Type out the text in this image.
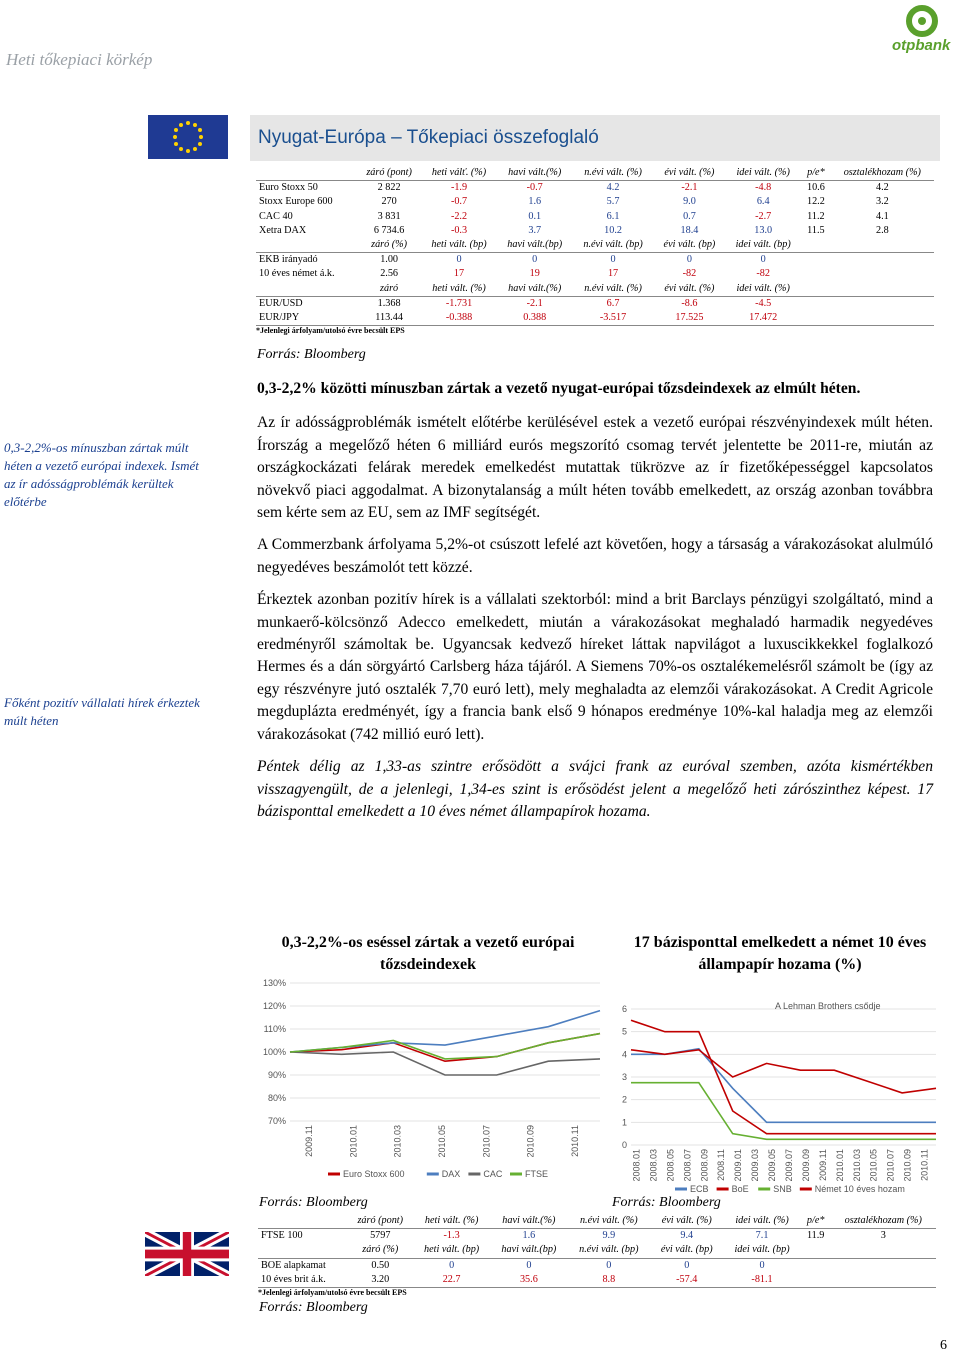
Heti tőkepiaci körkép
otpbank
Nyugat-Európa – Tőkepiaci összefoglaló
	záró (pont)	heti válť. (%)	havi vált.(%)	n.évi vált. (%)	évi vált. (%)	idei vált. (%)	p/e*	osztalékhozam (%)
Euro Stoxx 50	2 822	-1.9	-0.7	4.2	-2.1	-4.8	10.6	4.2
Stoxx Europe 600	270	-0.7	1.6	5.7	9.0	6.4	12.2	3.2
CAC 40	3 831	-2.2	0.1	6.1	0.7	-2.7	11.2	4.1
Xetra DAX	6 734.6	-0.3	3.7	10.2	18.4	13.0	11.5	2.8
	záró (%)	heti vált. (bp)	havi vált.(bp)	n.évi vált. (bp)	évi vált. (bp)	idei vált. (bp)		
EKB irányadó	1.00	0	0	0	0	0		
10 éves német á.k.	2.56	17	19	17	-82	-82		
	záró	heti vált. (%)	havi vált.(%)	n.évi vált. (%)	évi vált. (%)	idei vált. (%)		
EUR/USD	1.368	-1.731	-2.1	6.7	-8.6	-4.5		
EUR/JPY	113.44	-0.388	0.388	-3.517	17.525	17.472		
*Jelenlegi árfolyam/utolsó évre becsült EPS
Forrás: Bloomberg
0,3-2,2%-os mínuszban zártak múlt héten a vezető európai indexek. Ismét az ír adósságproblémák kerültek előtérbe
Főként pozitív vállalati hírek érkeztek múlt héten

0,3-2,2% közötti mínuszban zártak a vezető nyugat-európai tőzsdeindexek az elmúlt héten.

Az ír adósságproblémák ismételt előtérbe kerülésével estek a vezető európai részvényindexek múlt héten. Írország a megelőző héten 6 milliárd eurós megszorító csomag tervét jelentette be 2011-re, miután az országkockázati felárak meredek emelkedést mutattak tükrözve az ír fizetőképességgel kapcsolatos növekvő piaci aggodalmat. A bizonytalanság a múlt héten tovább emelkedett, az ország azonban továbbra sem kérte sem az EU, sem az IMF segítségét.

A Commerzbank árfolyama 5,2%-ot csúszott lefelé azt követően, hogy a társaság a várakozásokat alulmúló negyedéves beszámolót tett közzé.

Érkeztek azonban pozitív hírek is a vállalati szektorból: mind a brit Barclays pénzügyi szolgáltató, mind a munkaerő-kölcsönző Adecco emelkedett, miután a várakozásokat meghaladó harmadik negyedéves eredményről számoltak be. Ugyancsak kedvező híreket láttak napvilágot a luxuscikkekkel foglalkozó Hermes és a dán sörgyártó Carlsberg háza tájáról. A Siemens 70%-os osztalékemelésről számolt be (így az egy részvényre jutó osztalék 7,70 euró lett), mely meghaladta az elemzői várakozásokat. A Credit Agricole megduplázta eredményét, így a francia bank első 9 hónapos eredménye 10%-kal haladja meg az elemzői várakozásokat (742 millió euró lett).

Péntek délig az 1,33-as szintre erősödött a svájci frank az euróval szemben, azóta kismértékben visszagyengült, de a jelenlegi, 1,34-es szint is erősödést jelent a megelőző heti zárószinthez képest. 17 bázisponttal emelkedett a 10 éves német állampapírok hozama.

0,3-2,2%-os eséssel zártak a vezető európai tőzsdeindexek
17 bázisponttal emelkedett a német 10 éves állampapír hozama (%)
130%
120%
110%
100%
90%
80%
70%
2009.11	2010.01	2010.03	2010.05	2010.07	2010.09	2010.11
Euro Stoxx 600	DAX	CAC	FTSE
6
5
4
3
2
1
0
2008.01 2008.03 2008.05 2008.07 2008.09 2008.11 2009.01 2009.03 2009.05 2009.07 2009.09 2009.11 2010.01 2010.03 2010.05 2010.07 2010.09 2010.11
ECB	BoE	SNB	Német 10 éves hozam
A Lehman Brothers csődje
Forrás: Bloomberg	Forrás: Bloomberg
	záró (pont)	heti vált. (%)	havi vált.(%)	n.évi vált. (%)	évi vált. (%)	idei vált. (%)	p/e*	osztalékhozam (%)
FTSE 100	5797	-1.3	1.6	9.9	9.4	7.1	11.9	3
	záró (%)	heti vált. (bp)	havi vált.(bp)	n.évi vált. (bp)	évi vált. (bp)	idei vált. (bp)		
BOE alapkamat	0.50	0	0	0	0	0		
10 éves brit á.k.	3.20	22.7	35.6	8.8	-57.4	-81.1		
*Jelenlegi árfolyam/utolsó évre becsült EPS
Forrás: Bloomberg
6
